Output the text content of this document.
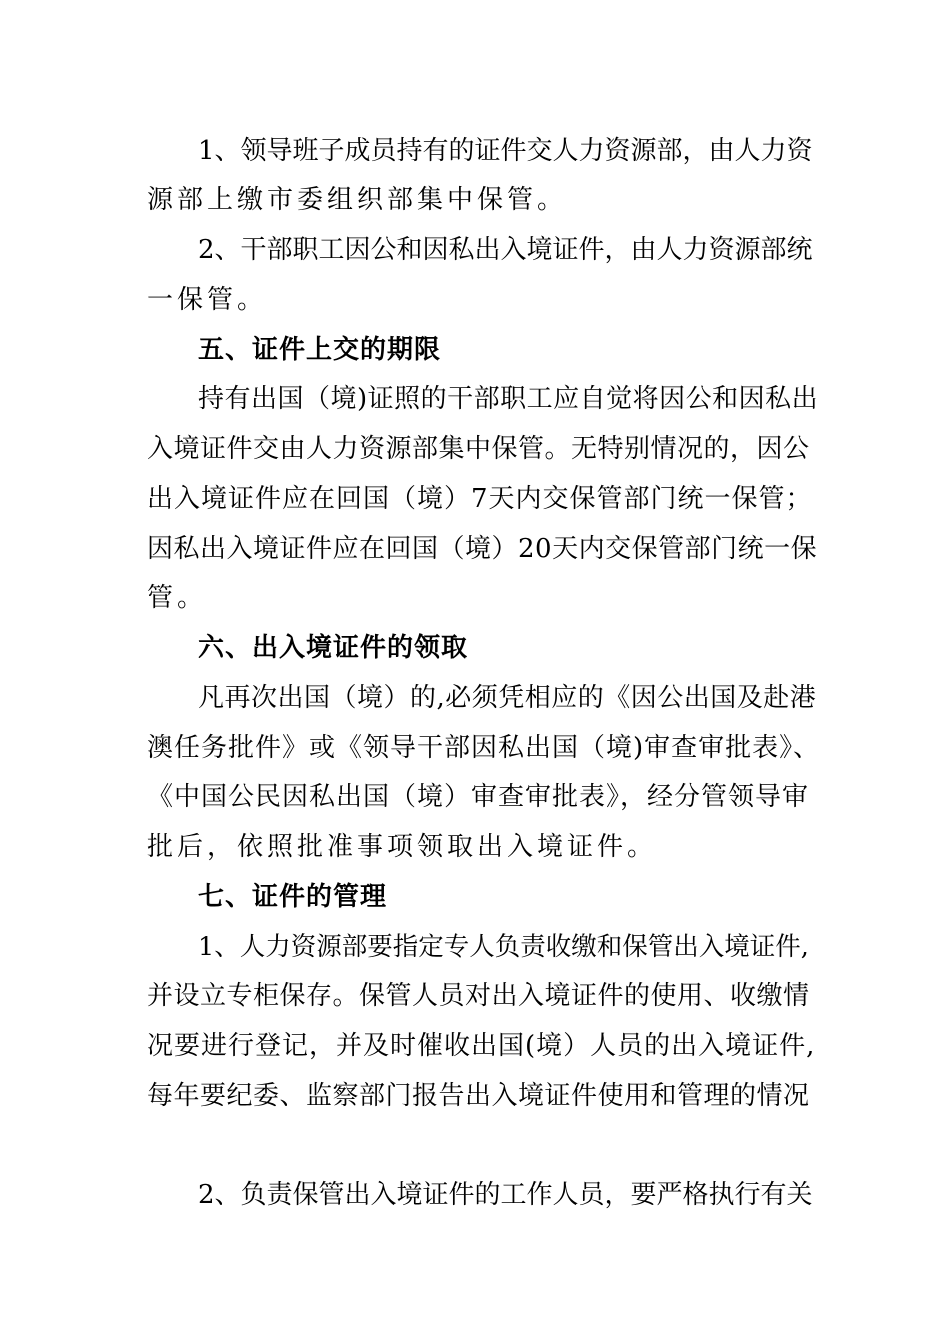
1、领导班子成员持有的证件交人力资源部，由人力资
源部上缴市委组织部集中保管。
2、干部职工因公和因私出入境证件，由人力资源部统
一保管。
五、证件上交的期限
持有出国（境)证照的干部职工应自觉将因公和因私出
入境证件交由人力资源部集中保管。无特别情况的，因公
出入境证件应在回国（境）7天内交保管部门统一保管；
因私出入境证件应在回国（境）20天内交保管部门统一保
管。
六、出入境证件的领取
凡再次出国（境）的,必须凭相应的《因公出国及赴港
澳任务批件》或《领导干部因私出国（境)审查审批表》、
《中国公民因私出国（境）审查审批表》，经分管领导审
批后，依照批准事项领取出入境证件。
七、证件的管理
1、人力资源部要指定专人负责收缴和保管出入境证件,
并设立专柜保存。保管人员对出入境证件的使用、收缴情
况要进行登记，并及时催收出国(境）人员的出入境证件,
每年要纪委、监察部门报告出入境证件使用和管理的情况
2、负责保管出入境证件的工作人员，要严格执行有关
